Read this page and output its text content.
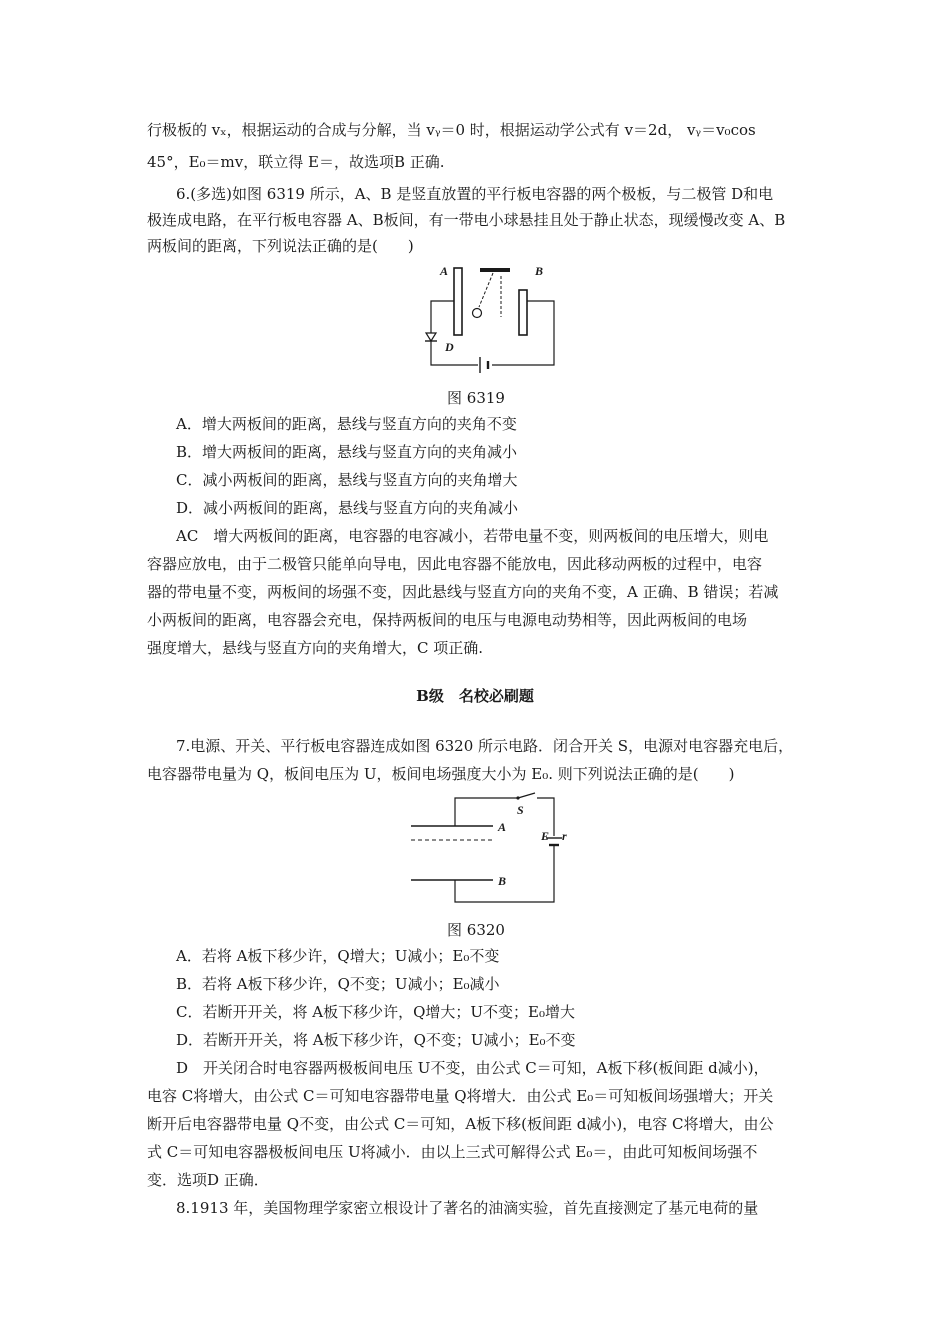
行极板的 vₓ，根据运动的合成与分解，当 vᵧ＝0 时，根据运动学公式有 v＝2d， vᵧ＝v₀cos
45°，E₀＝mv，联立得 E＝，故选项B 正确.
6.(多选)如图 6319 所示，A、B 是竖直放置的平行板电容器的两个极板，与二极管 D和电
极连成电路，在平行板电容器 A、B板间，有一带电小球悬挂且处于静止状态，现缓慢改变 A、B
两板间的距离，下列说法正确的是(　　)
A	B
D
图 6319
A．增大两板间的距离，悬线与竖直方向的夹角不变
B．增大两板间的距离，悬线与竖直方向的夹角减小
C．减小两板间的距离，悬线与竖直方向的夹角增大
D．减小两板间的距离，悬线与竖直方向的夹角减小
AC　增大两板间的距离，电容器的电容减小，若带电量不变，则两板间的电压增大，则电
容器应放电，由于二极管只能单向导电，因此电容器不能放电，因此移动两板的过程中，电容
器的带电量不变，两板间的场强不变，因此悬线与竖直方向的夹角不变，A 正确、B 错误；若减
小两板间的距离，电容器会充电，保持两板间的电压与电源电动势相等，因此两板间的电场
强度增大，悬线与竖直方向的夹角增大，C 项正确.
B级　名校必刷题
7.电源、开关、平行板电容器连成如图 6320 所示电路．闭合开关 S，电源对电容器充电后，
电容器带电量为 Q，板间电压为 U，板间电场强度大小为 E₀. 则下列说法正确的是(　　)
A
B
S
E r
图 6320
A．若将 A板下移少许，Q增大；U减小；E₀不变
B．若将 A板下移少许，Q不变；U减小；E₀减小
C．若断开开关，将 A板下移少许，Q增大；U不变；E₀增大
D．若断开开关，将 A板下移少许，Q不变；U减小；E₀不变
D　开关闭合时电容器两极板间电压 U不变，由公式 C＝可知，A板下移(板间距 d减小)，
电容 C将增大，由公式 C＝可知电容器带电量 Q将增大．由公式 E₀＝可知板间场强增大；开关
断开后电容器带电量 Q不变，由公式 C＝可知，A板下移(板间距 d减小)，电容 C将增大，由公
式 C＝可知电容器极板间电压 U将减小．由以上三式可解得公式 E₀＝，由此可知板间场强不
变．选项D 正确．
8.1913 年，美国物理学家密立根设计了著名的油滴实验，首先直接测定了基元电荷的量
